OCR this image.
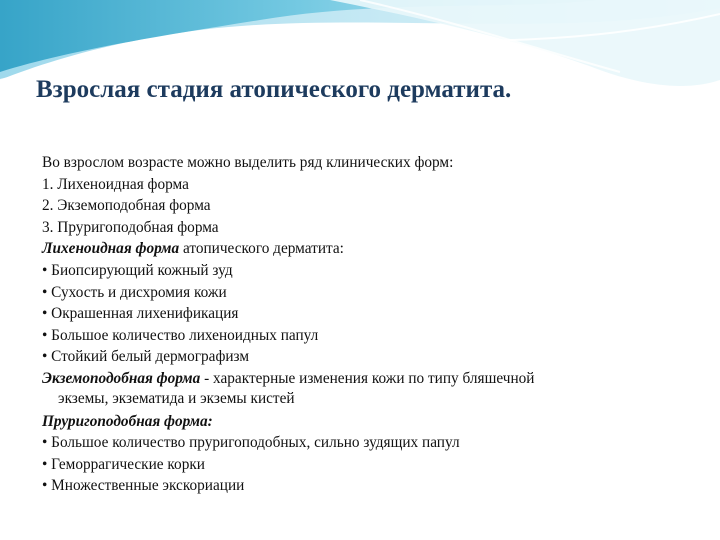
Взрослая стадия атопического дерматита.
Во взрослом возрасте можно выделить ряд клинических форм:
1. Лихеноидная форма
2. Экземоподобная форма
3. Пруригоподобная форма
Лихеноидная форма атопического дерматита:
• Биопсирующий кожный зуд
• Сухость и дисхромия кожи
• Окрашенная лихенификация
• Большое количество лихеноидных папул
• Стойкий белый дермографизм
Экземоподобная форма - характерные изменения кожи по типу бляшечной
экземы, экзематида и экземы кистей
Пруригоподобная форма:
• Большое количество пруригоподобных, сильно зудящих папул
• Геморрагические корки
• Множественные экскориации
